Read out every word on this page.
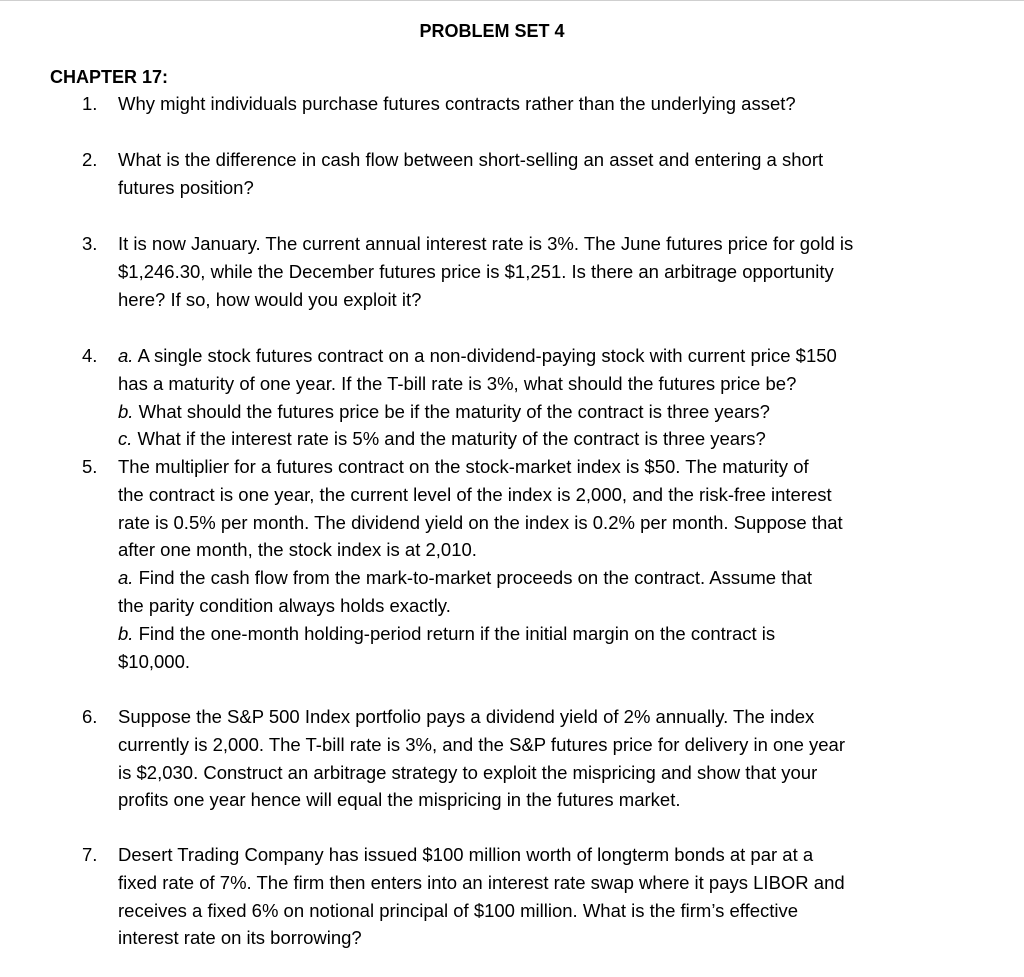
PROBLEM SET 4
CHAPTER 17:
1.	Why might individuals purchase futures contracts rather than the underlying asset?
2.	What is the difference in cash flow between short-selling an asset and entering a short
futures position?
3.	It is now January. The current annual interest rate is 3%. The June futures price for gold is
$1,246.30, while the December futures price is $1,251. Is there an arbitrage opportunity
here? If so, how would you exploit it?
4.	a. A single stock futures contract on a non-dividend-paying stock with current price $150
has a maturity of one year. If the T-bill rate is 3%, what should the futures price be?
b. What should the futures price be if the maturity of the contract is three years?
c. What if the interest rate is 5% and the maturity of the contract is three years?
5.	The multiplier for a futures contract on the stock-market index is $50. The maturity of
the contract is one year, the current level of the index is 2,000, and the risk-free interest
rate is 0.5% per month. The dividend yield on the index is 0.2% per month. Suppose that
after one month, the stock index is at 2,010.
a. Find the cash flow from the mark-to-market proceeds on the contract. Assume that
the parity condition always holds exactly.
b. Find the one-month holding-period return if the initial margin on the contract is
$10,000.
6.	Suppose the S&P 500 Index portfolio pays a dividend yield of 2% annually. The index
currently is 2,000. The T-bill rate is 3%, and the S&P futures price for delivery in one year
is $2,030. Construct an arbitrage strategy to exploit the mispricing and show that your
profits one year hence will equal the mispricing in the futures market.
7.	Desert Trading Company has issued $100 million worth of longterm bonds at par at a
fixed rate of 7%. The firm then enters into an interest rate swap where it pays LIBOR and
receives a fixed 6% on notional principal of $100 million. What is the firm’s effective
interest rate on its borrowing?
